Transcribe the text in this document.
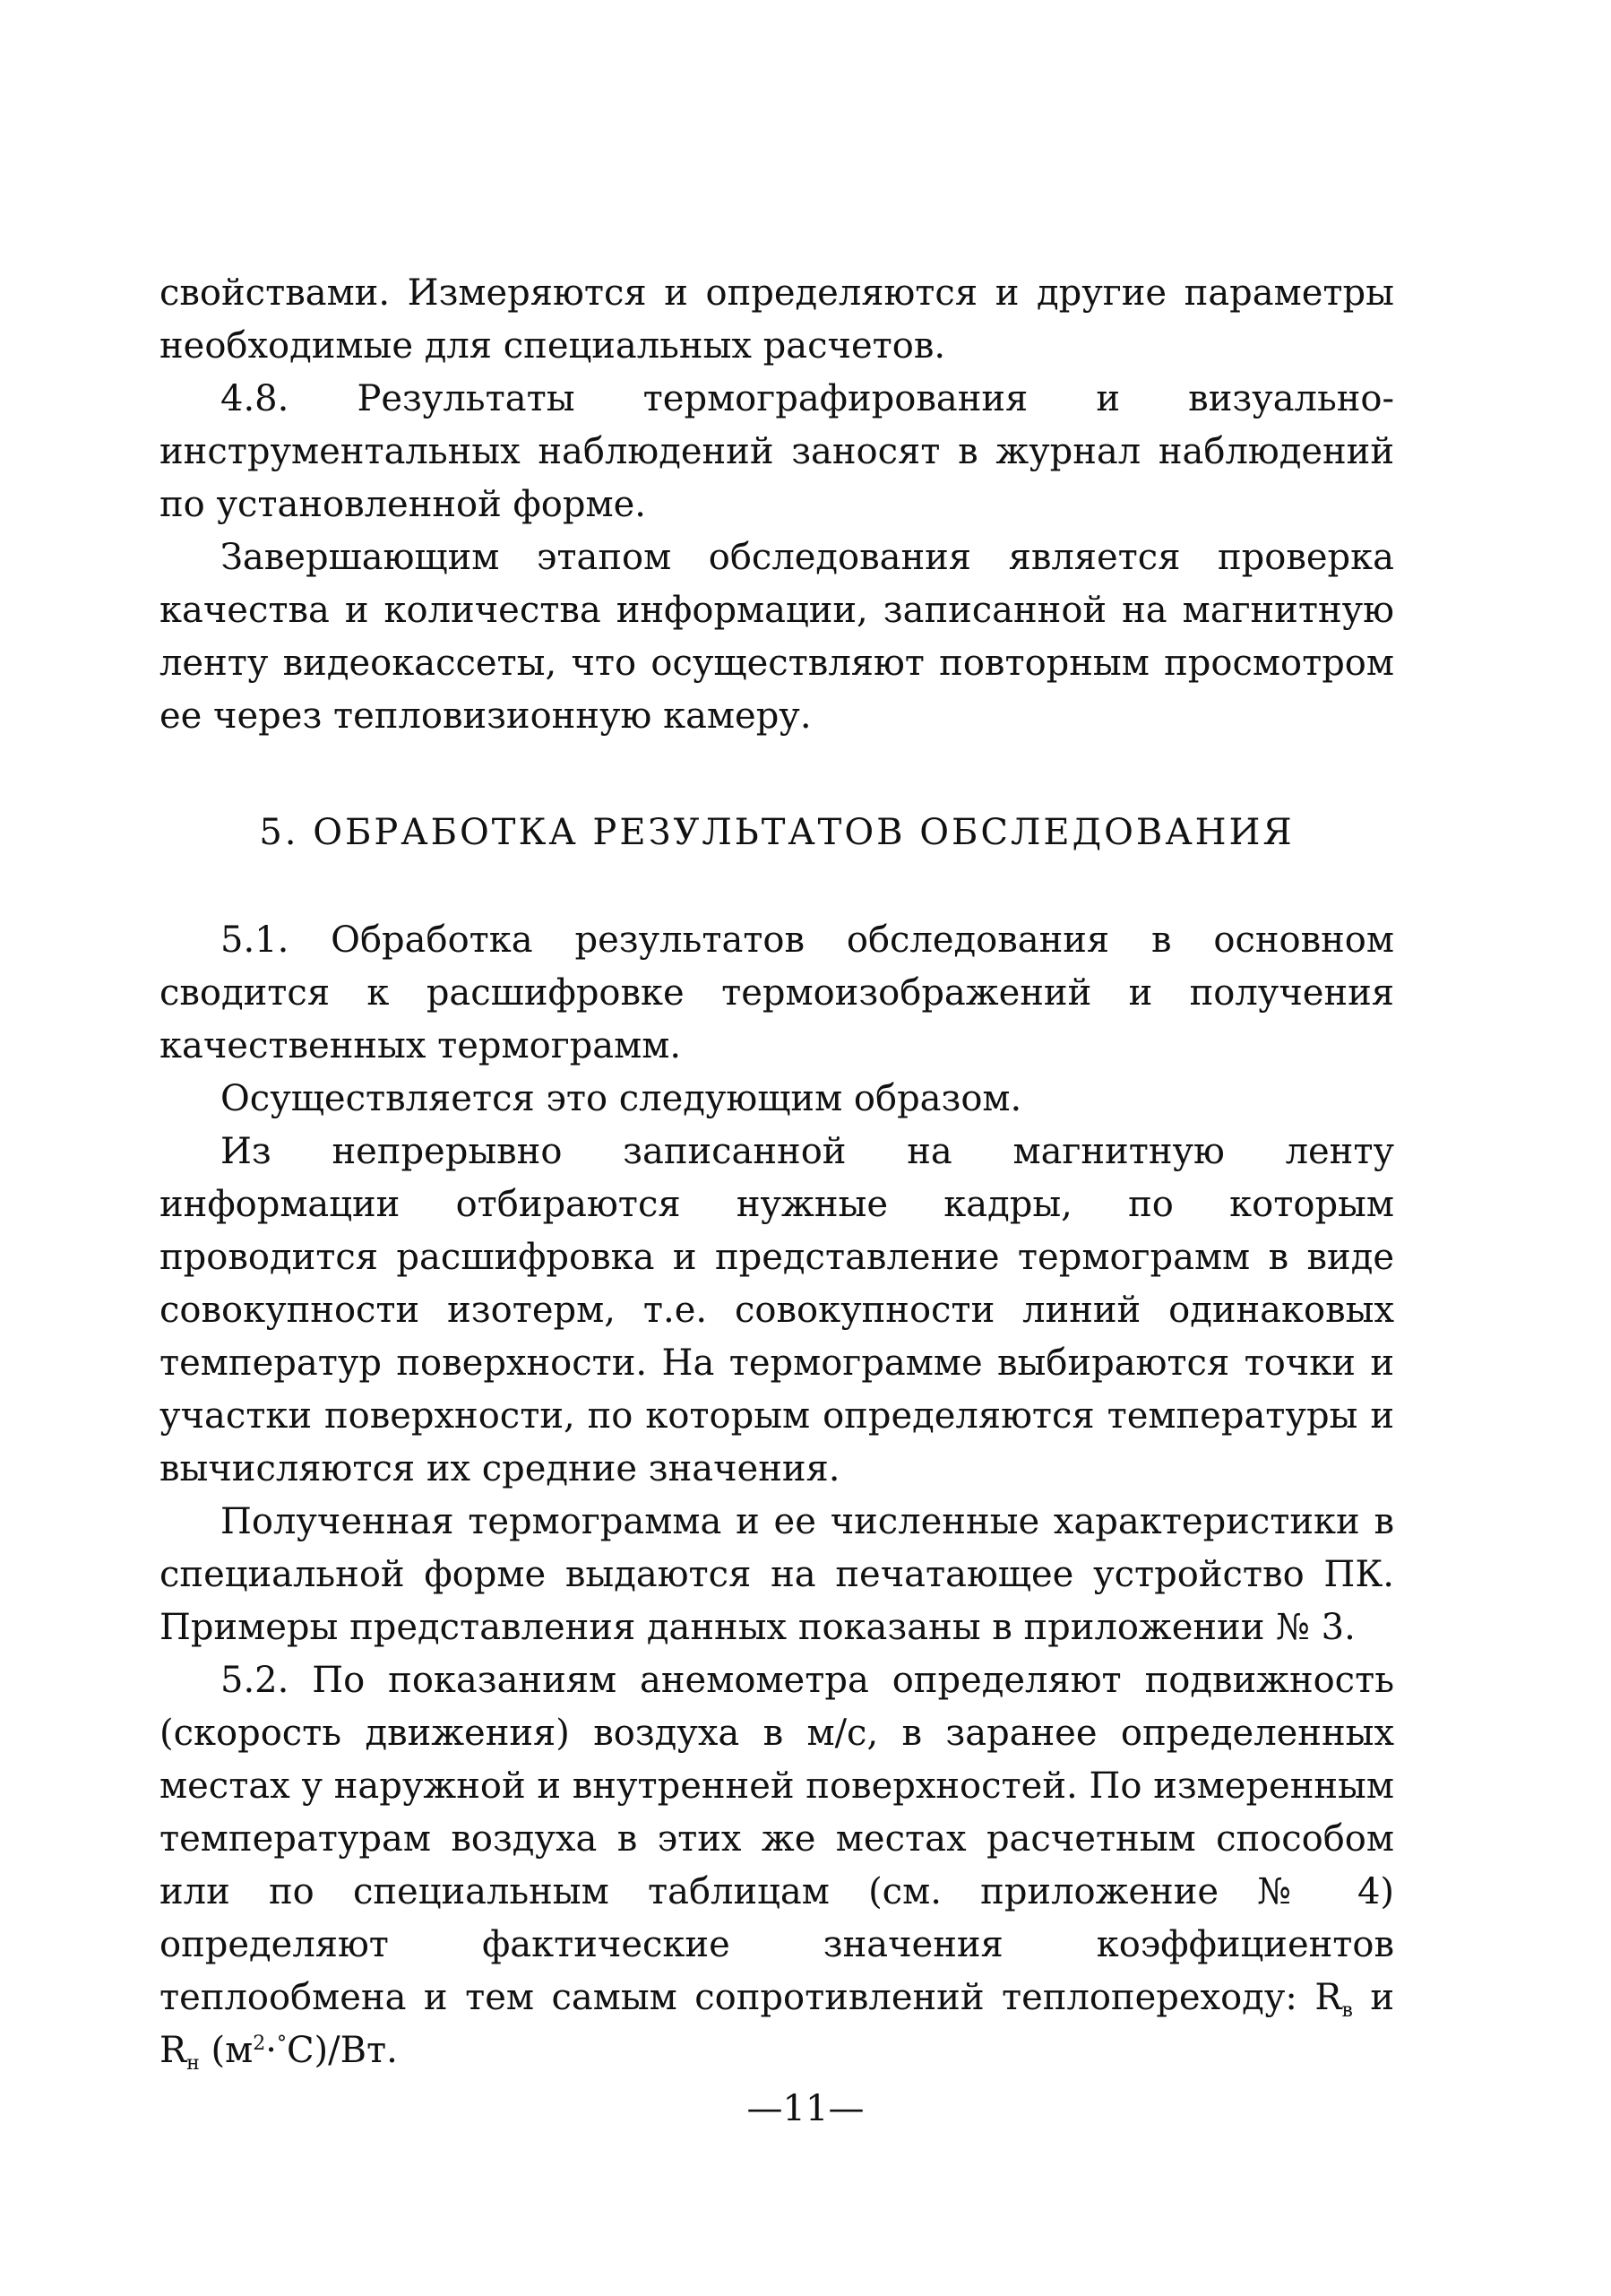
свойствами. Измеряются и определяются и другие параметры необходимые для специальных расчетов.

4.8. Результаты термографирования и визуально-инструментальных наблюдений заносят в журнал наблюдений по установленной форме.

Завершающим этапом обследования является проверка качества и количества информации, записанной на магнитную ленту видеокассеты, что осуществляют повторным просмотром ее через тепловизионную камеру.

5. ОБРАБОТКА РЕЗУЛЬТАТОВ ОБСЛЕДОВАНИЯ

5.1. Обработка результатов обследования в основном сводится к расшифровке термоизображений и получения качественных термограмм.

Осуществляется это следующим образом.

Из непрерывно записанной на магнитную ленту информации отбираются нужные кадры, по которым проводится расшифровка и представление термограмм в виде совокупности изотерм, т.е. совокупности линий одинаковых температур поверхности. На термограмме выбираются точки и участки поверхности, по которым определяются температуры и вычисляются их средние значения.

Полученная термограмма и ее численные характеристики в специальной форме выдаются на печатающее устройство ПК. Примеры представления данных показаны в приложении № 3.

5.2. По показаниям анемометра определяют подвижность (скорость движения) воздуха в м/с, в заранее определенных местах у наружной и внутренней поверхностей. По измеренным температурам воздуха в этих же местах расчетным способом или по специальным таблицам (см. приложение № 4) определяют фактические значения коэффициентов теплообмена и тем самым сопротивлений теплопереходу: $R_в$ и $R_н$ $(м^2\cdot^\circ С)/Вт$.

—11—
